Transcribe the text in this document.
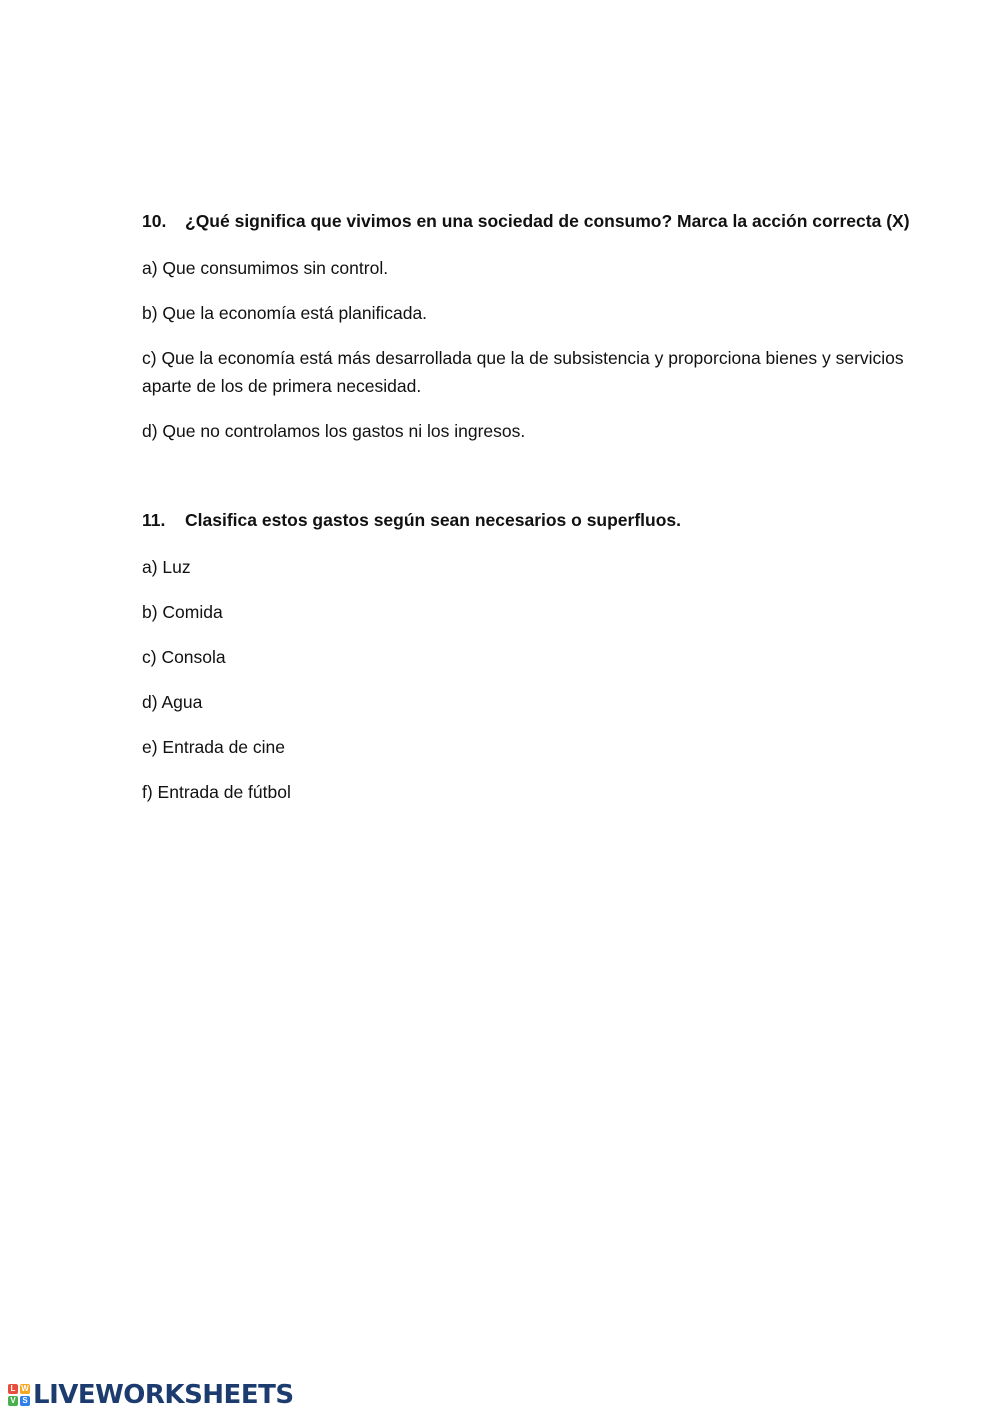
10. ¿Qué significa que vivimos en una sociedad de consumo? Marca la acción correcta (X)

a) Que consumimos sin control.
b) Que la economía está planificada.
c) Que la economía está más desarrollada que la de subsistencia y proporciona bienes y servicios aparte de los de primera necesidad.
d) Que no controlamos los gastos ni los ingresos.

11. Clasifica estos gastos según sean necesarios o superfluos.

a) Luz
b) Comida
c) Consola
d) Agua
e) Entrada de cine
f) Entrada de fútbol
L W
V S LIVEWORKSHEETS
